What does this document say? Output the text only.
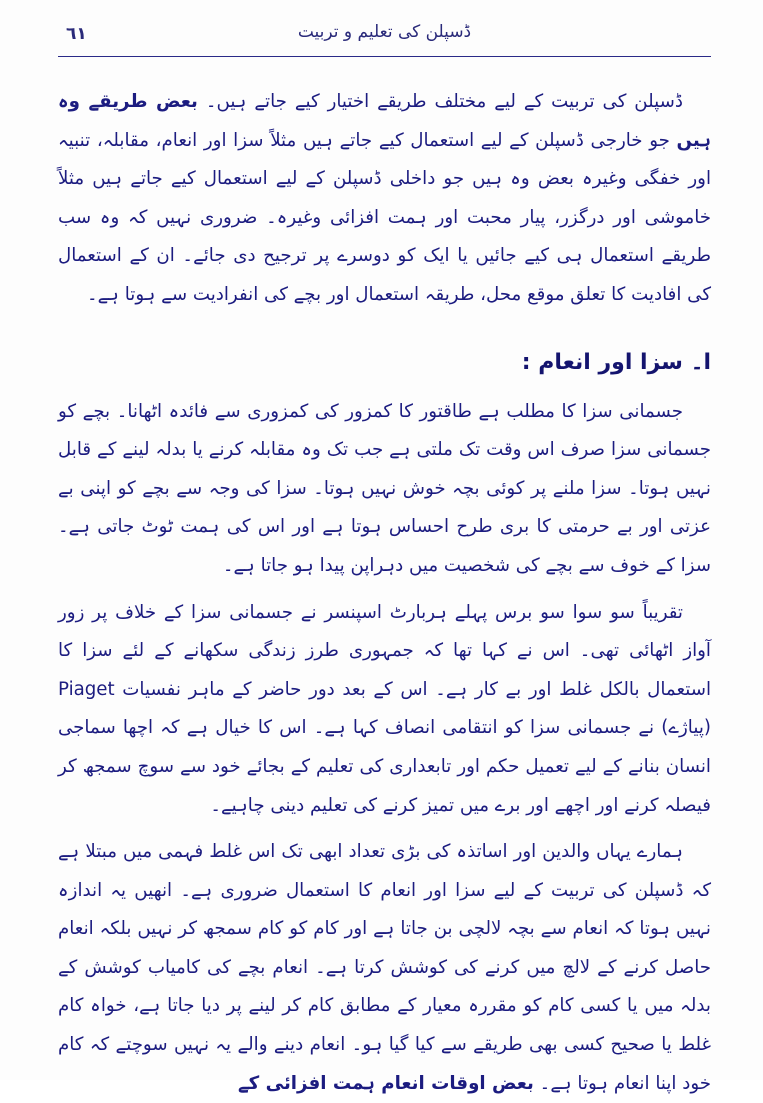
٦١	ڈسپلن کی تعلیم و تربیت

ڈسپلن کی تربیت کے لیے مختلف طریقے اختیار کیے جاتے ہیں۔ بعض طریقے وہ ہیں جو خارجی ڈسپلن کے لیے استعمال کیے جاتے ہیں مثلاً سزا اور انعام، مقابلہ، تنبیہ اور خفگی وغیرہ بعض وہ ہیں جو داخلی ڈسپلن کے لیے استعمال کیے جاتے ہیں مثلاً خاموشی اور درگزر، پیار محبت اور ہمت افزائی وغیرہ۔ ضروری نہیں کہ وہ سب طریقے استعمال ہی کیے جائیں یا ایک کو دوسرے پر ترجیح دی جائے۔ ان کے استعمال کی افادیت کا تعلق موقع محل، طریقہ استعمال اور بچے کی انفرادیت سے ہوتا ہے۔

ا۔ سزا اور انعام :

جسمانی سزا کا مطلب ہے طاقتور کا کمزور کی کمزوری سے فائدہ اٹھانا۔ بچے کو جسمانی سزا صرف اس وقت تک ملتی ہے جب تک وہ مقابلہ کرنے یا بدلہ لینے کے قابل نہیں ہوتا۔ سزا ملنے پر کوئی بچہ خوش نہیں ہوتا۔ سزا کی وجہ سے بچے کو اپنی بے عزتی اور بے حرمتی کا بری طرح احساس ہوتا ہے اور اس کی ہمت ٹوٹ جاتی ہے۔ سزا کے خوف سے بچے کی شخصیت میں دہراپن پیدا ہو جاتا ہے۔

تقریباً سو سوا سو برس پہلے ہربارٹ اسپنسر نے جسمانی سزا کے خلاف پر زور آواز اٹھائی تھی۔ اس نے کہا تھا کہ جمہوری طرز زندگی سکھانے کے لئے سزا کا استعمال بالکل غلط اور بے کار ہے۔ اس کے بعد دور حاضر کے ماہر نفسیات Piaget (پیاژے) نے جسمانی سزا کو انتقامی انصاف کہا ہے۔ اس کا خیال ہے کہ اچھا سماجی انسان بنانے کے لیے تعمیل حکم اور تابعداری کی تعلیم کے بجائے خود سے سوچ سمجھ کر فیصلہ کرنے اور اچھے اور برے میں تمیز کرنے کی تعلیم دینی چاہیے۔

ہمارے یہاں والدین اور اساتذہ کی بڑی تعداد ابھی تک اس غلط فہمی میں مبتلا ہے کہ ڈسپلن کی تربیت کے لیے سزا اور انعام کا استعمال ضروری ہے۔ انھیں یہ اندازہ نہیں ہوتا کہ انعام سے بچہ لالچی بن جاتا ہے اور کام کو کام سمجھ کر نہیں بلکہ انعام حاصل کرنے کے لالچ میں کرنے کی کوشش کرتا ہے۔ انعام بچے کی کامیاب کوشش کے بدلہ میں یا کسی کام کو مقررہ معیار کے مطابق کام کر لینے پر دیا جاتا ہے، خواہ کام غلط یا صحیح کسی بھی طریقے سے کیا گیا ہو۔ انعام دینے والے یہ نہیں سوچتے کہ کام خود اپنا انعام ہوتا ہے۔ بعض اوقات انعام ہمت افزائی کے
